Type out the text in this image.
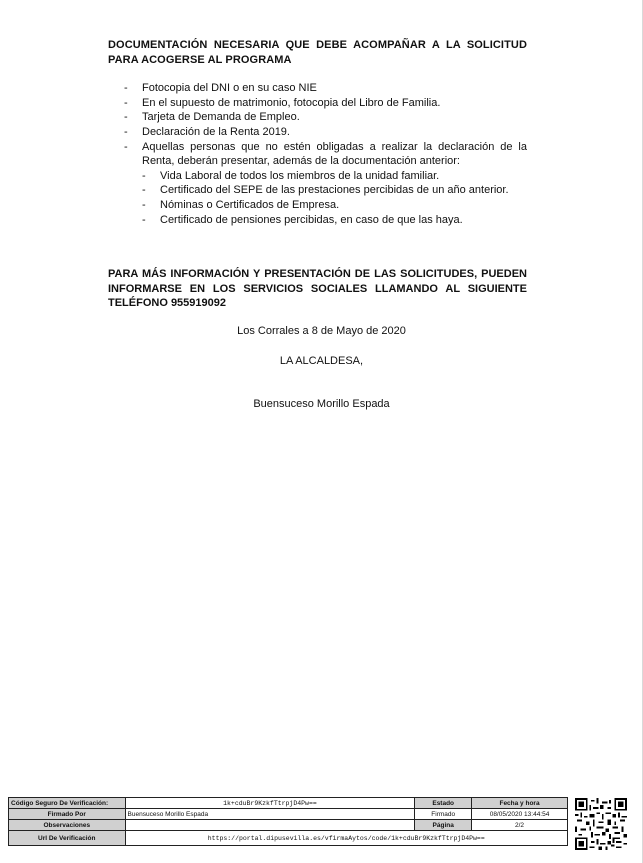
DOCUMENTACIÓN NECESARIA QUE DEBE ACOMPAÑAR A LA SOLICITUD PARA ACOGERSE AL PROGRAMA

- Fotocopia del DNI o en su caso NIE
- En el supuesto de matrimonio, fotocopia del Libro de Familia.
- Tarjeta de Demanda de Empleo.
- Declaración de la Renta 2019.
- Aquellas personas que no estén obligadas a realizar la declaración de la Renta, deberán presentar, además de la documentación anterior:
- Vida Laboral de todos los miembros de la unidad familiar.
- Certificado del SEPE de las prestaciones percibidas de un año anterior.
- Nóminas o Certificados de Empresa.
- Certificado de pensiones percibidas, en caso de que las haya.

PARA MÁS INFORMACIÓN Y PRESENTACIÓN DE LAS SOLICITUDES, PUEDEN INFORMARSE EN LOS SERVICIOS SOCIALES LLAMANDO AL SIGUIENTE TELÉFONO 955919092

Los Corrales a 8 de Mayo de 2020
LA ALCALDESA,
Buensuceso Morillo Espada
Código Seguro De Verificación:	1k+cduBr9KzkfTtrpjD4Pw==	Estado	Fecha y hora
Firmado Por	Buensuceso Morillo Espada	Firmado	08/05/2020 13:44:54
Observaciones		Página	2/2
Url De Verificación	https://portal.dipusevilla.es/vfirmaAytos/code/1k+cduBr9KzkfTtrpjD4Pw==		
